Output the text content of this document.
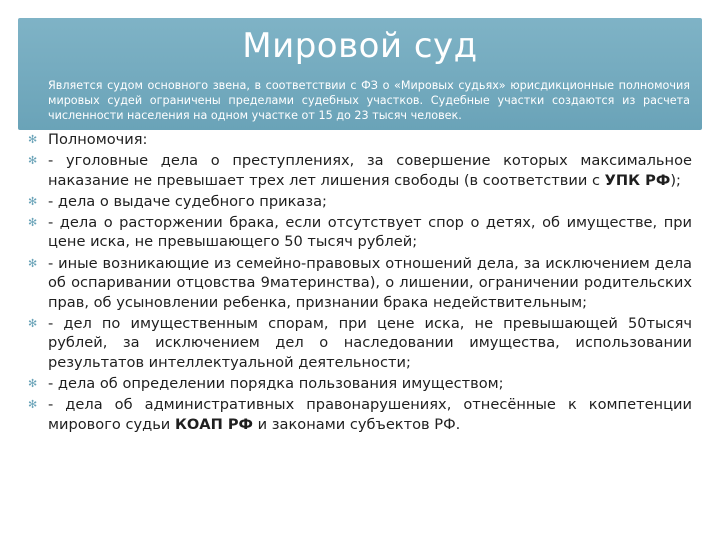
Мировой суд
Является судом основного звена, в соответствии с ФЗ о «Мировых судьях» юрисдикционные полномочия мировых судей ограничены пределами судебных участков. Судебные участки создаются из расчета численности населения на одном участке от 15 до 23 тысяч человек.
✻ Полномочия:
✻ - уголовные дела о преступлениях, за совершение которых максимальное наказание не превышает трех лет лишения свободы (в соответствии с УПК РФ);
✻ - дела о выдаче судебного приказа;
✻ - дела о расторжении брака, если отсутствует спор о детях, об имуществе, при цене иска, не превышающего 50 тысяч рублей;
✻ - иные возникающие из семейно-правовых отношений дела, за исключением дела об оспаривании отцовства 9материнства), о лишении, ограничении родительских прав, об усыновлении ребенка, признании брака недействительным;
✻ - дел по имущественным спорам, при цене иска, не превышающей 50тысяч рублей, за исключением дел о наследовании имущества, использовании результатов интеллектуальной деятельности;
✻ - дела об определении порядка пользования имуществом;
✻ - дела об административных правонарушениях, отнесённые к компетенции мирового судьи КОАП РФ и законами субъектов РФ.
